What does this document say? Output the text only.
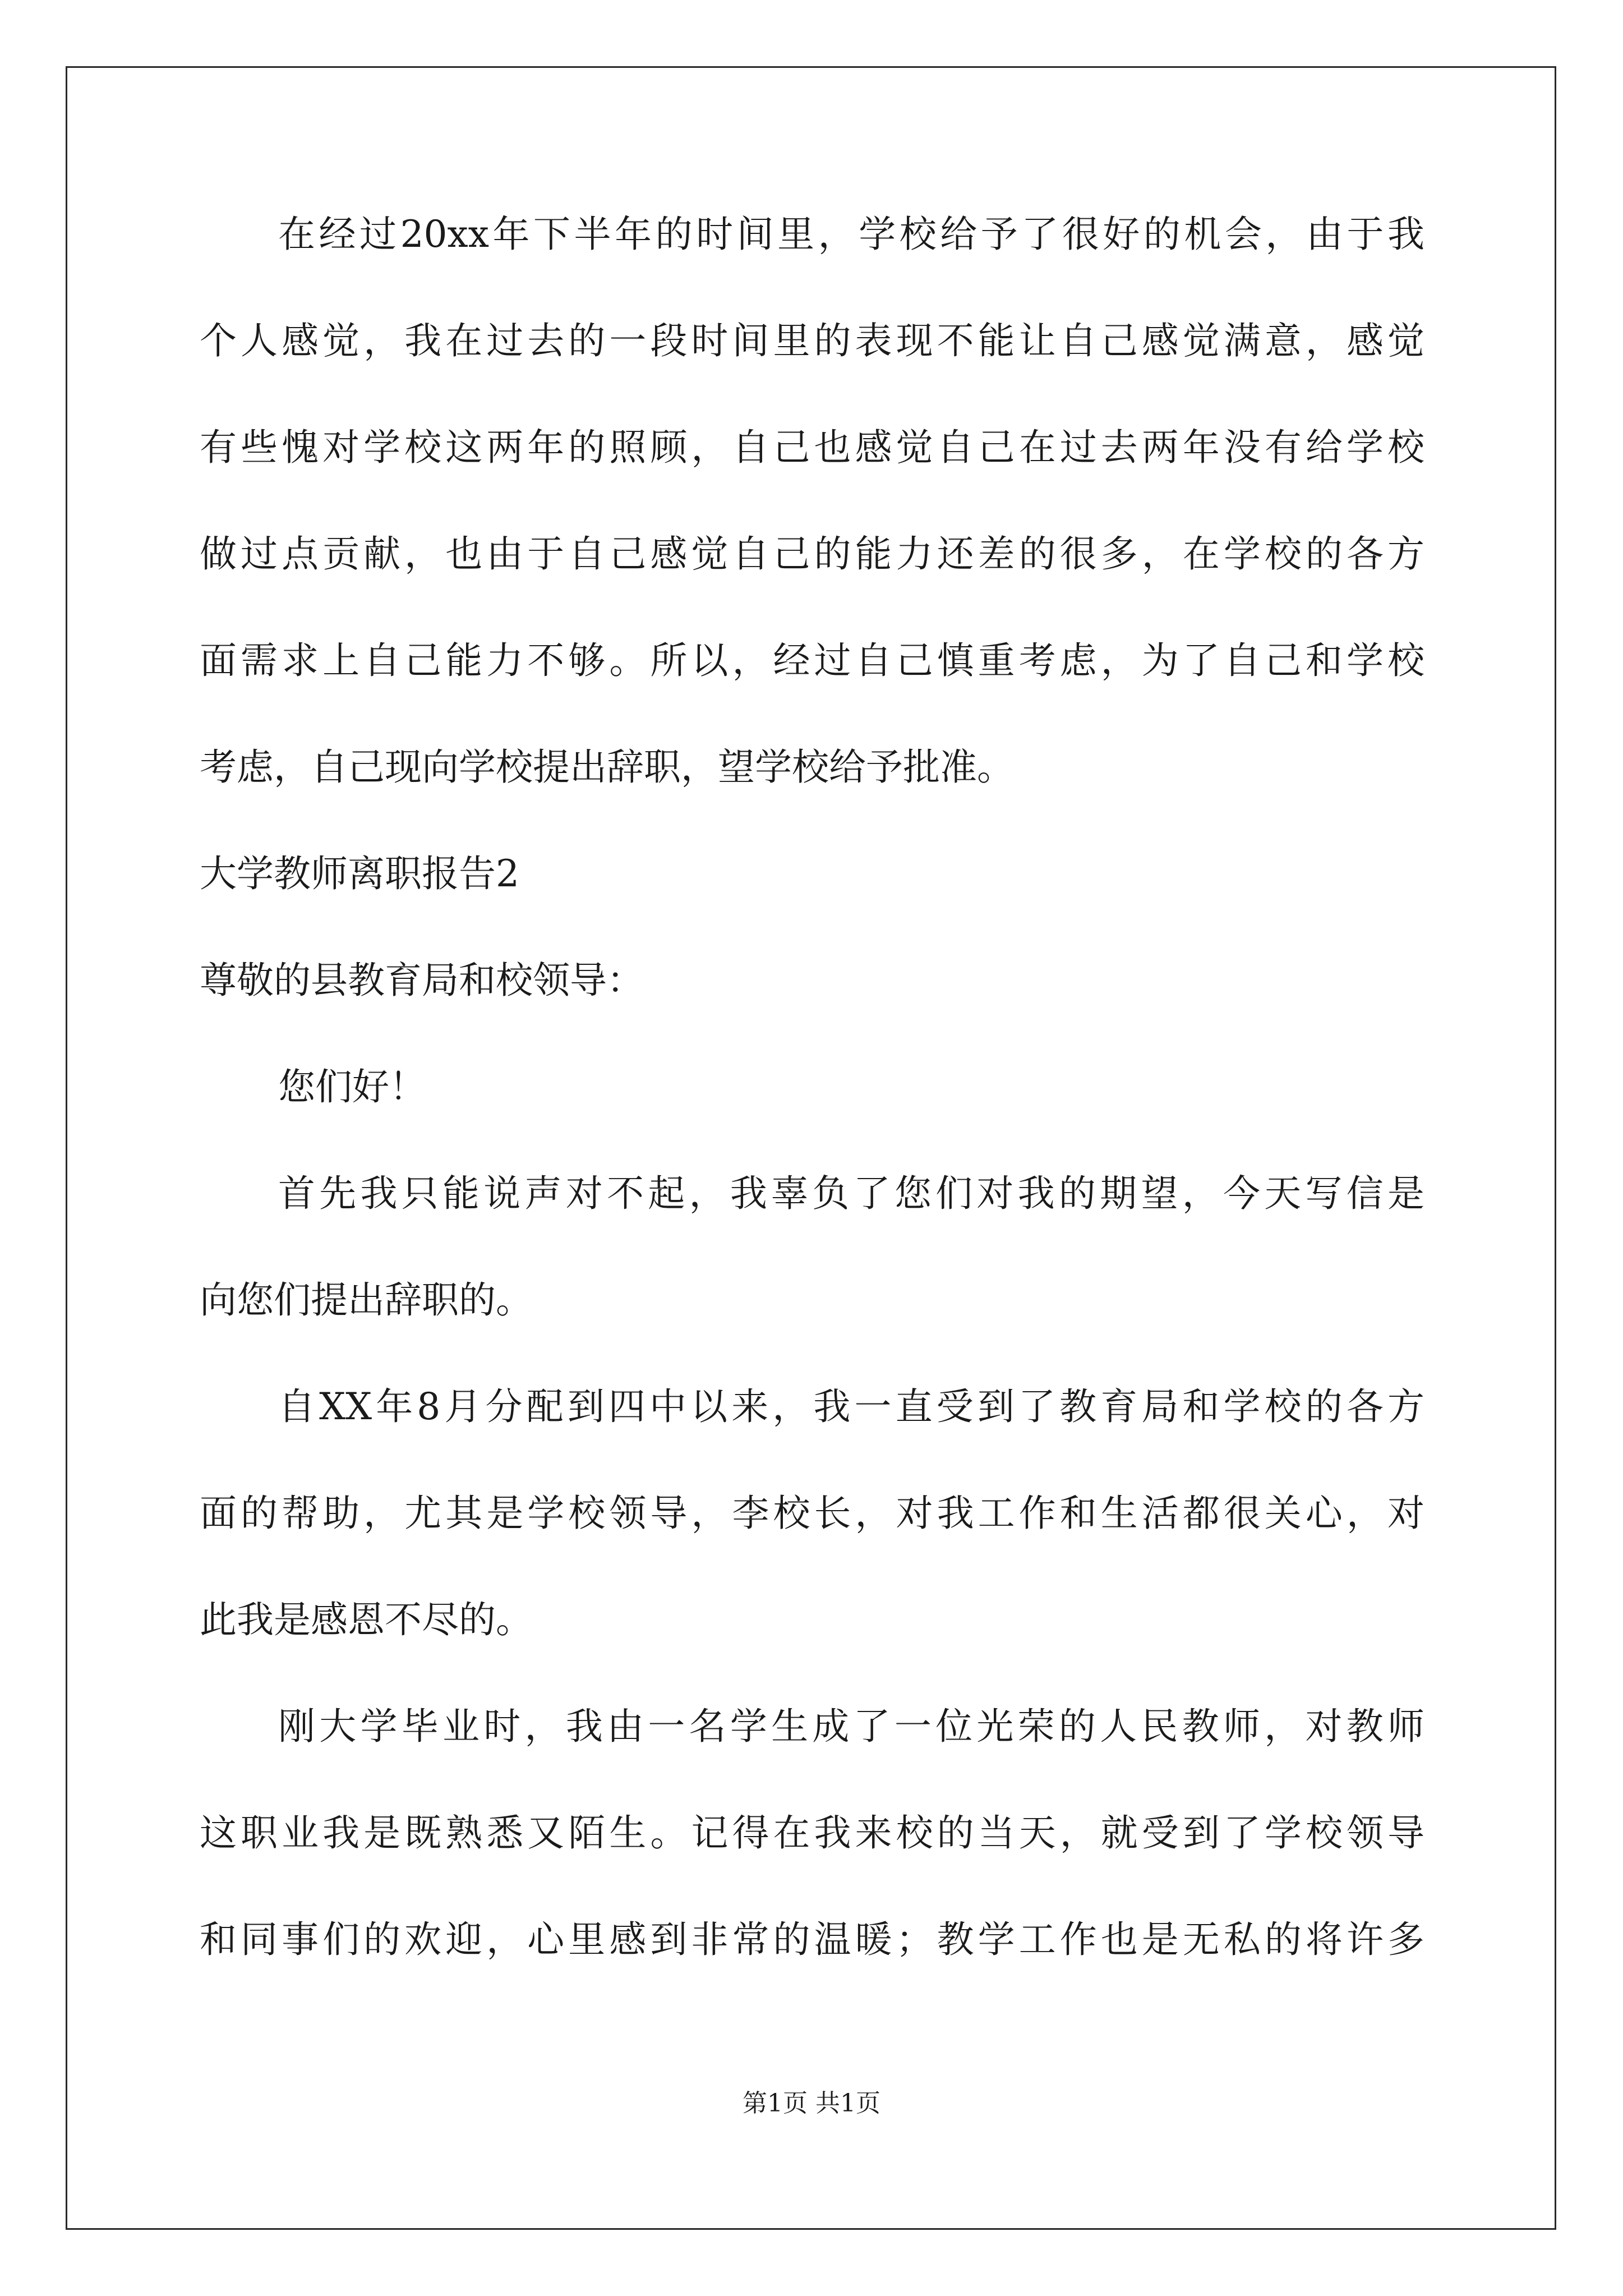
在经过20xx年下半年的时间里，学校给予了很好的机会，由于我
个人感觉，我在过去的一段时间里的表现不能让自己感觉满意，感觉
有些愧对学校这两年的照顾，自己也感觉自己在过去两年没有给学校
做过点贡献，也由于自己感觉自己的能力还差的很多，在学校的各方
面需求上自己能力不够。所以，经过自己慎重考虑，为了自己和学校
考虑，自己现向学校提出辞职，望学校给予批准。
大学教师离职报告2
尊敬的县教育局和校领导：
您们好！
首先我只能说声对不起，我辜负了您们对我的期望，今天写信是
向您们提出辞职的。
自XX年8月分配到四中以来，我一直受到了教育局和学校的各方
面的帮助，尤其是学校领导，李校长，对我工作和生活都很关心，对
此我是感恩不尽的。
刚大学毕业时，我由一名学生成了一位光荣的人民教师，对教师
这职业我是既熟悉又陌生。记得在我来校的当天，就受到了学校领导
和同事们的欢迎，心里感到非常的温暖；教学工作也是无私的将许多
第1页 共1页
